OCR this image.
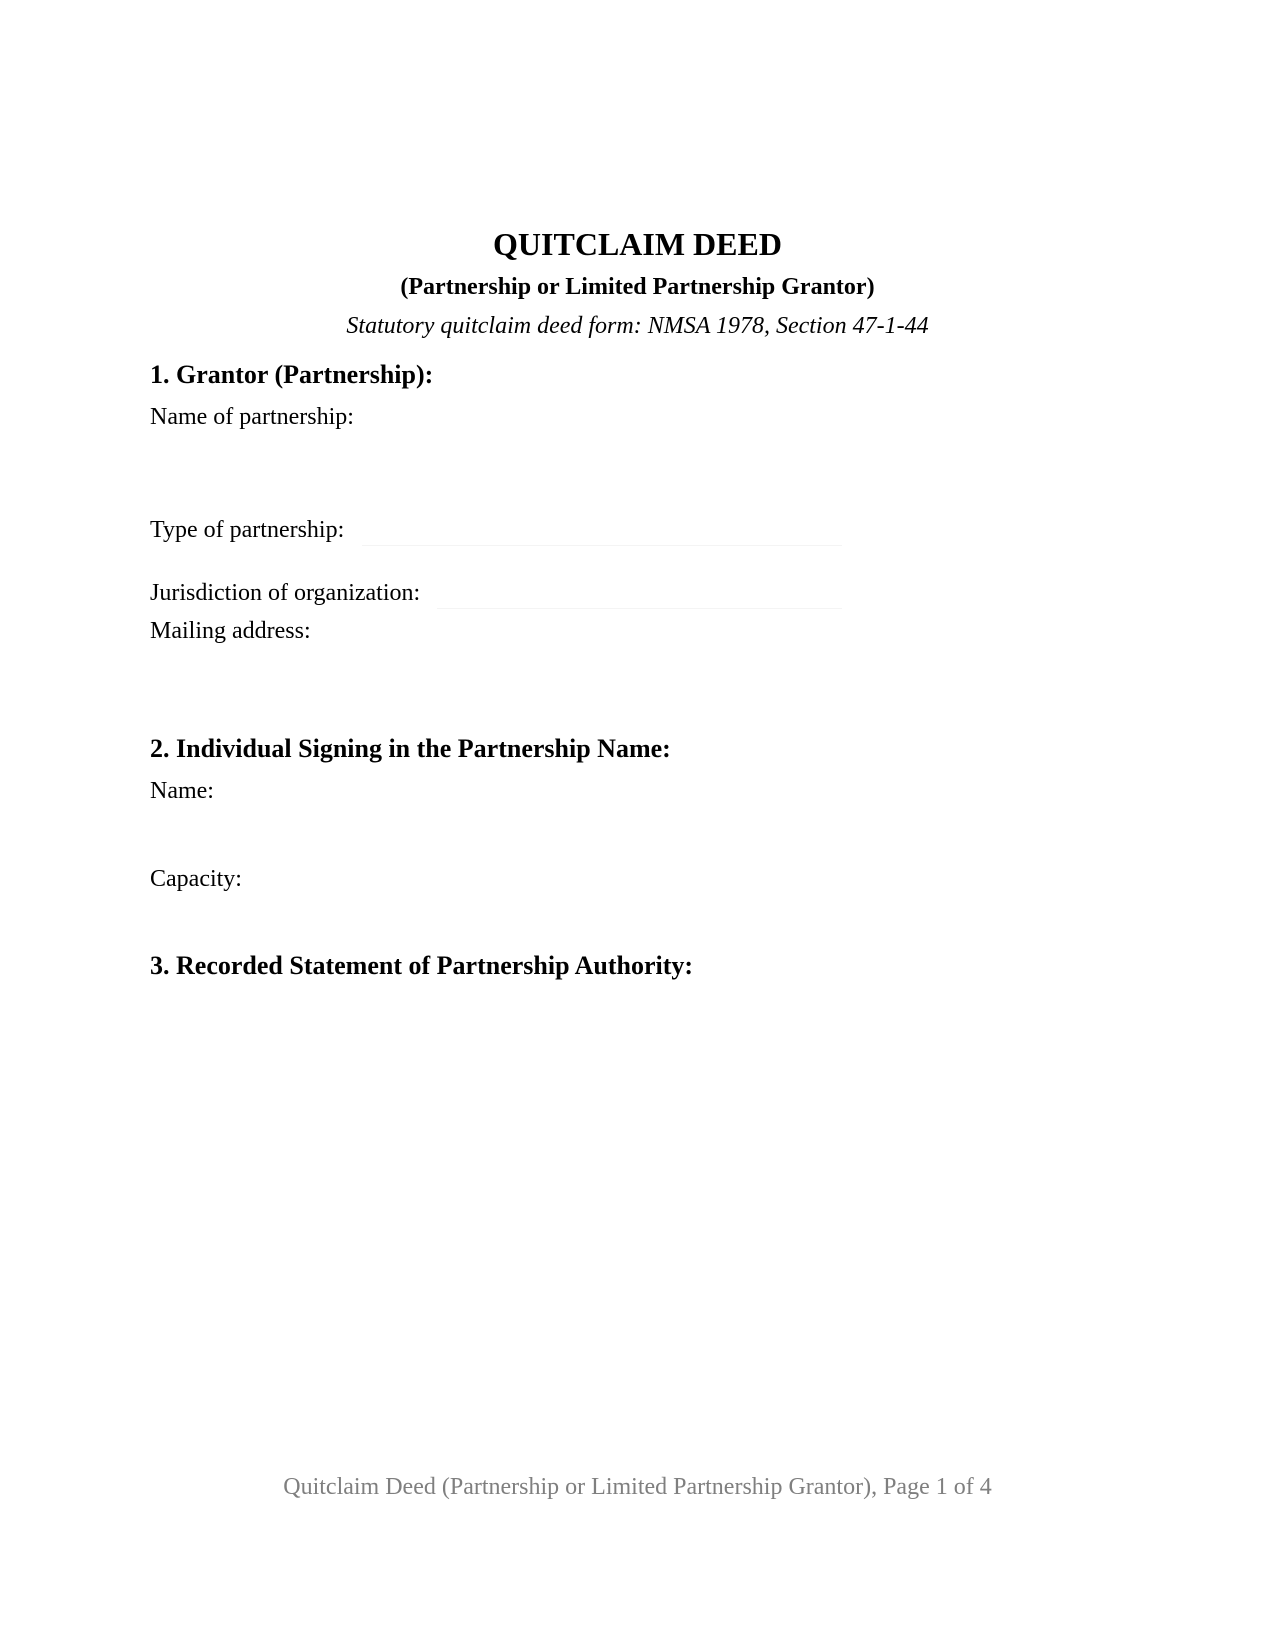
QUITCLAIM DEED
(Partnership or Limited Partnership Grantor)
Statutory quitclaim deed form: NMSA 1978, Section 47-1-44
1. Grantor (Partnership):
Name of partnership:
Type of partnership:
Jurisdiction of organization:
Mailing address:
2. Individual Signing in the Partnership Name:
Name:
Capacity:
3. Recorded Statement of Partnership Authority:
Quitclaim Deed (Partnership or Limited Partnership Grantor), Page 1 of 4
